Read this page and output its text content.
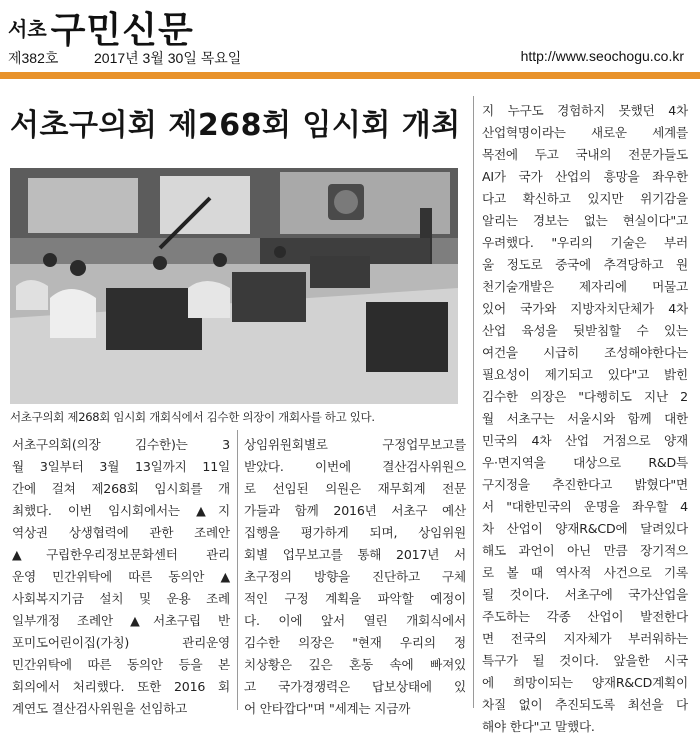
서초 구민신문
제382호	2017년 3월 30일 목요일	http://www.seochogu.co.kr
서초구의회 제268회 임시회 개최
서초구의회 제268회 임시회 개회식에서 김수한 의장이 개회사를 하고 있다.
서초구의회(의장 김수한)는 3
월 3일부터 3월 13일까지 11일
간에 걸쳐 제268회 임시회를 개
최했다. 이번 임시회에서는 ▲지
역상권 상생협력에 관한 조례안
▲구립한우리정보문화센터 관리
운영 민간위탁에 따른 동의안 ▲
사회복지기금 설치 및 운용 조례
일부개정 조례안 ▲서초구립 반
포미도어린이집(가칭) 관리운영
민간위탁에 따른 동의안 등을 본
회의에서 처리했다. 또한 2016 회
계연도 결산검사위원을 선임하고
상임위원회별로 구정업무보고를
받았다. 이번에 결산검사위원으
로 선임된 의원은 재무회계 전문
가들과 함께 2016년 서초구 예산
집행을 평가하게 되며, 상임위원
회별 업무보고를 통해 2017년 서
초구정의 방향을 진단하고 구체
적인 구정 계획을 파악할 예정이
다. 이에 앞서 열린 개회식에서
김수한 의장은 "현재 우리의 정
치상황은 깊은 혼동 속에 빠져있
고 국가경쟁력은 답보상태에 있
어 안타깝다"며 "세계는 지금까
지 누구도 경험하지 못했던 4차
산업혁명이라는 새로운 세계를
목전에 두고 국내의 전문가들도
AI가 국가 산업의 흥망을 좌우한
다고 확신하고 있지만 위기감을
알리는 경보는 없는 현실이다"고
우려했다. "우리의 기술은 부러
울 정도로 중국에 추격당하고 원
천기술개발은 제자리에 머물고
있어 국가와 지방자치단체가 4차
산업 육성을 뒷받침할 수 있는
여건을 시급히 조성해야한다는
필요성이 제기되고 있다"고 밝힌
김수한 의장은 "다행히도 지난 2
월 서초구는 서울시와 함께 대한
민국의 4차 산업 거점으로 양재
우·면지역을 대상으로 R&D특
구지정을 추진한다고 밝혔다"면
서 "대한민국의 운명을 좌우할 4
차 산업이 양재R&CD에 달려있다
해도 과언이 아닌 만큼 장기적으
로 볼 때 역사적 사건으로 기록
될 것이다. 서초구에 국가산업을
주도하는 각종 산업이 발전한다
면 전국의 지자체가 부러워하는
특구가 될 것이다. 앞을한 시국
에 희망이되는 양재R&CD계획이
차질 없이 추진되도록 최선을 다
해야 한다"고 말했다.
